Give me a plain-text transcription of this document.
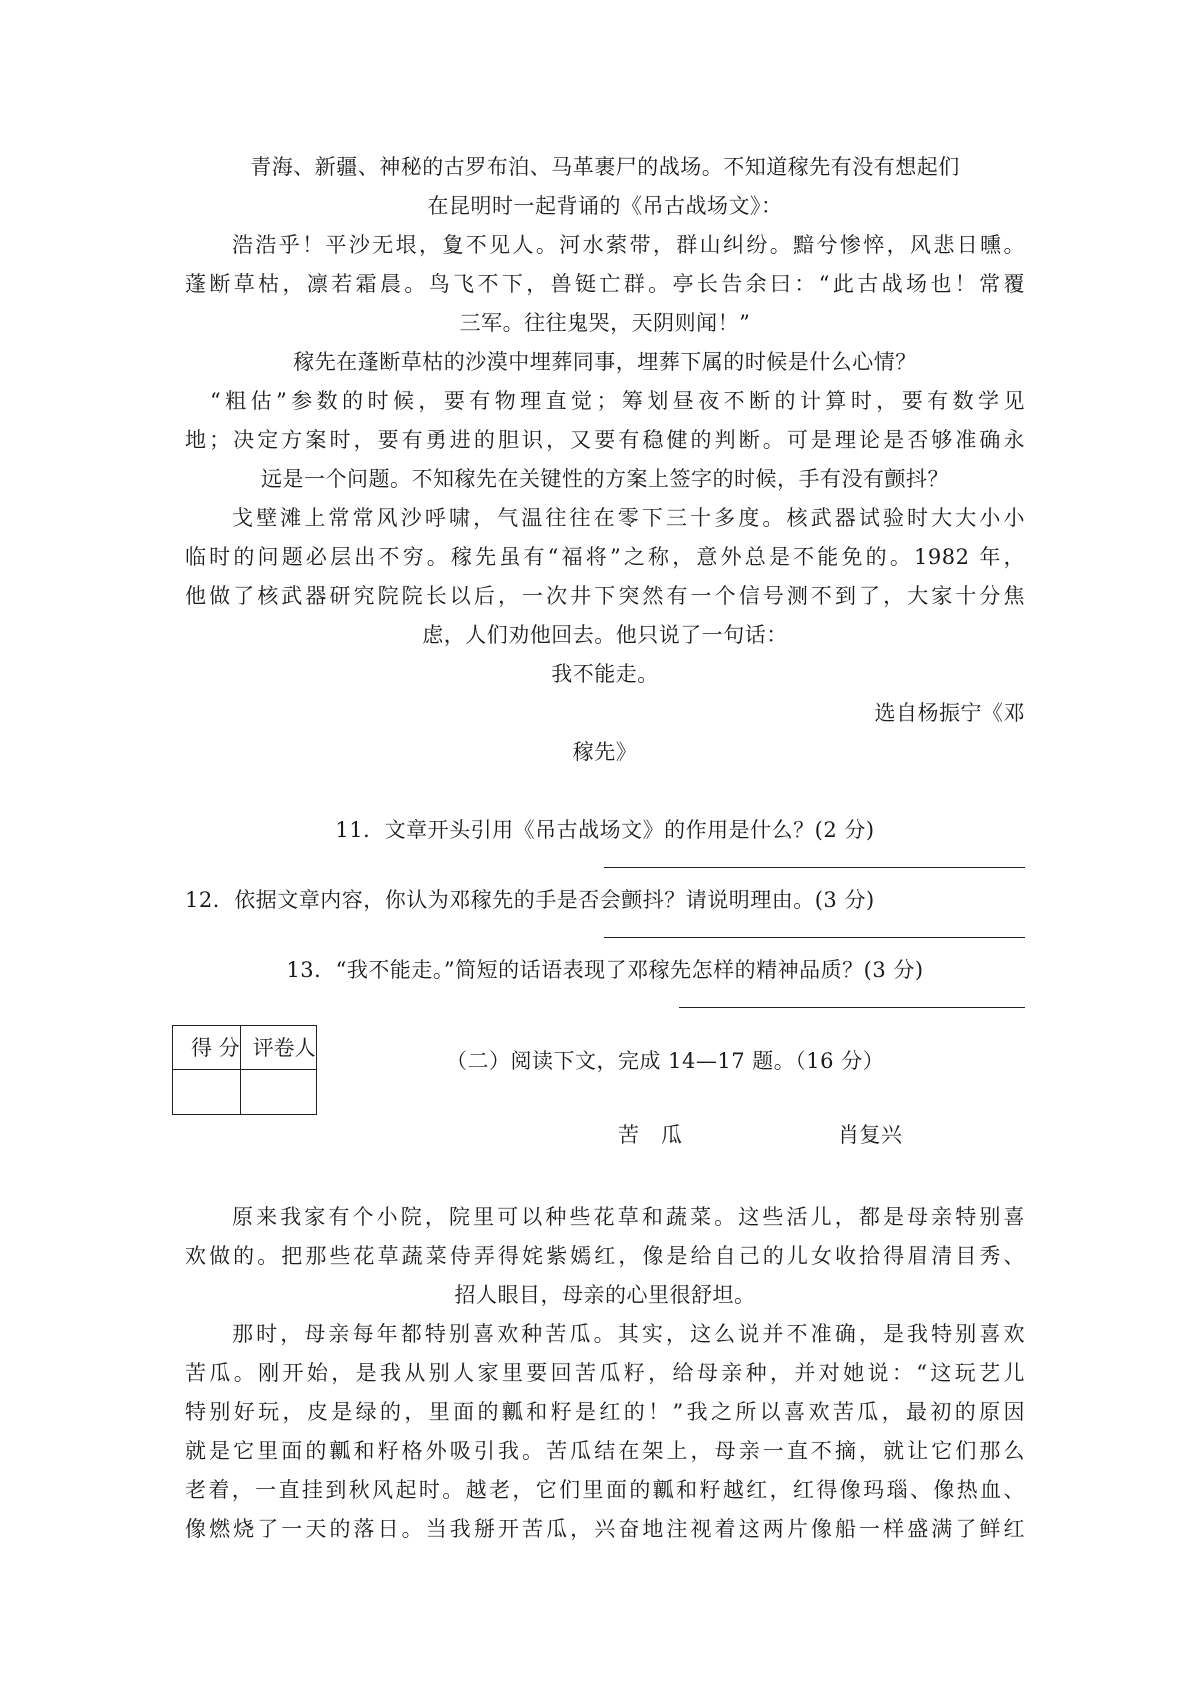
青海、新疆、神秘的古罗布泊、马革裹尸的战场。不知道稼先有没有想起们
在昆明时一起背诵的《吊古战场文》：
浩浩乎！平沙无垠，夐不见人。河水萦带，群山纠纷。黯兮惨悴，风悲日曛。
蓬断草枯，凛若霜晨。鸟飞不下，兽铤亡群。亭长告余曰：“此古战场也！常覆
三军。往往鬼哭，天阴则闻！”
稼先在蓬断草枯的沙漠中埋葬同事，埋葬下属的时候是什么心情？
“粗估”参数的时候，要有物理直觉；筹划昼夜不断的计算时，要有数学见
地；决定方案时，要有勇进的胆识，又要有稳健的判断。可是理论是否够准确永
远是一个问题。不知稼先在关键性的方案上签字的时候，手有没有颤抖？
戈壁滩上常常风沙呼啸，气温往往在零下三十多度。核武器试验时大大小小
临时的问题必层出不穷。稼先虽有“福将”之称，意外总是不能免的。1982 年，
他做了核武器研究院院长以后，一次井下突然有一个信号测不到了，大家十分焦
虑，人们劝他回去。他只说了一句话：
我不能走。
选自杨振宁《邓
稼先》
11．文章开头引用《吊古战场文》的作用是什么？(2 分)
12．依据文章内容，你认为邓稼先的手是否会颤抖？请说明理由。(3 分)
13．“我不能走。”简短的话语表现了邓稼先怎样的精神品质？(3 分)
得 分	评卷人

（二）阅读下文，完成 14—17 题。（16 分）
苦　瓜	肖复兴
原来我家有个小院，院里可以种些花草和蔬菜。这些活儿，都是母亲特别喜
欢做的。把那些花草蔬菜侍弄得姹紫嫣红，像是给自己的儿女收拾得眉清目秀、
招人眼目，母亲的心里很舒坦。
那时，母亲每年都特别喜欢种苦瓜。其实，这么说并不准确，是我特别喜欢
苦瓜。刚开始，是我从别人家里要回苦瓜籽，给母亲种，并对她说：“这玩艺儿
特别好玩，皮是绿的，里面的瓤和籽是红的！”我之所以喜欢苦瓜，最初的原因
就是它里面的瓤和籽格外吸引我。苦瓜结在架上，母亲一直不摘，就让它们那么
老着，一直挂到秋风起时。越老，它们里面的瓤和籽越红，红得像玛瑙、像热血、
像燃烧了一天的落日。当我掰开苦瓜，兴奋地注视着这两片像船一样盛满了鲜红
